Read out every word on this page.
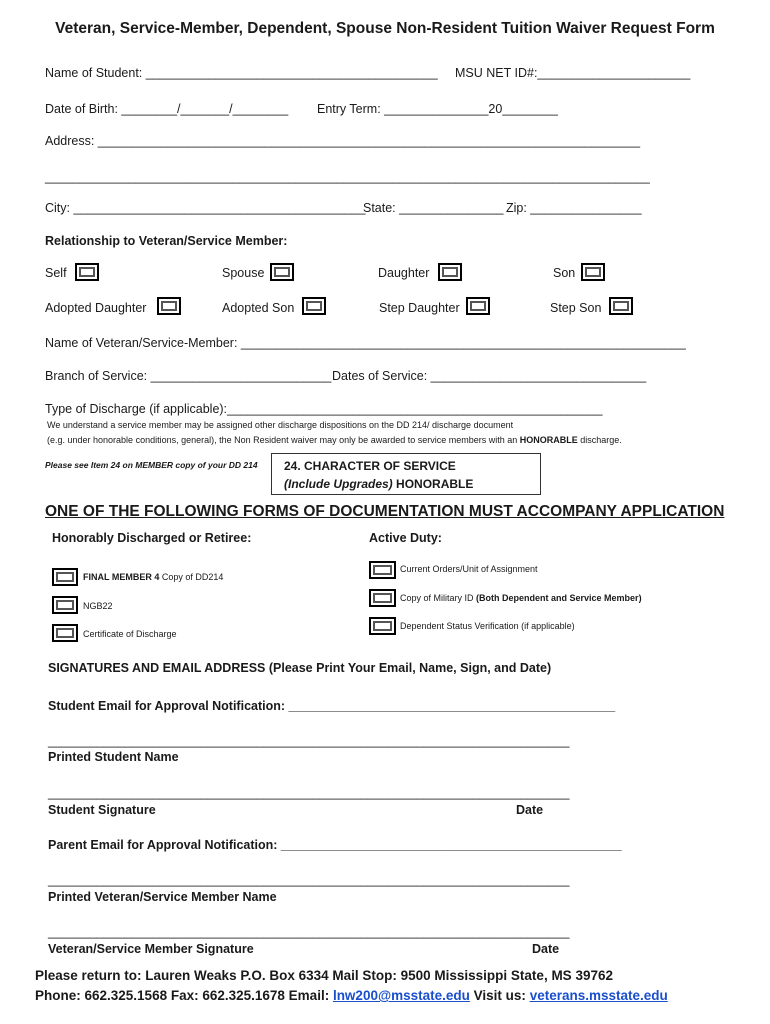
Veteran, Service-Member, Dependent, Spouse Non-Resident Tuition Waiver Request Form
Name of Student: __________________________________________ MSU NET ID#:______________________
Date of Birth: ________/_______/________ Entry Term: _______________20________
Address: ______________________________________________________________________________
_______________________________________________________________________________________
City: __________________________________________
State: _______________ Zip: ________________
Relationship to Veteran/Service Member:
Self	Spouse	Daughter	Son
Adopted Daughter	Adopted Son	Step Daughter	Step Son
Name of Veteran/Service-Member: ________________________________________________________________
Branch of Service: __________________________ Dates of Service: _______________________________
Type of Discharge (if applicable):______________________________________________________
We understand a service member may be assigned other discharge dispositions on the DD 214/ discharge document
(e.g. under honorable conditions, general), the Non Resident waiver may only be awarded to service members with an HONORABLE discharge.
Please see Item 24 on MEMBER copy of your DD 214 24. CHARACTER OF SERVICE
(Include Upgrades) HONORABLE
ONE OF THE FOLLOWING FORMS OF DOCUMENTATION MUST ACCOMPANY APPLICATION
Honorably Discharged or Retiree:	Active Duty:
FINAL MEMBER 4 Copy of DD214
NGB22
Certificate of Discharge
Current Orders/Unit of Assignment
Copy of Military ID (Both Dependent and Service Member)
Dependent Status Verification (if applicable)
SIGNATURES AND EMAIL ADDRESS (Please Print Your Email, Name, Sign, and Date)
Student Email for Approval Notification: _______________________________________________
___________________________________________________________________________
Printed Student Name
___________________________________________________________________________
Student Signature	Date
Parent Email for Approval Notification: _________________________________________________
___________________________________________________________________________
Printed Veteran/Service Member Name
___________________________________________________________________________
Veteran/Service Member Signature	Date
Please return to: Lauren Weaks P.O. Box 6334 Mail Stop: 9500 Mississippi State, MS 39762
Phone: 662.325.1568 Fax: 662.325.1678 Email: lnw200@msstate.edu Visit us: veterans.msstate.edu
